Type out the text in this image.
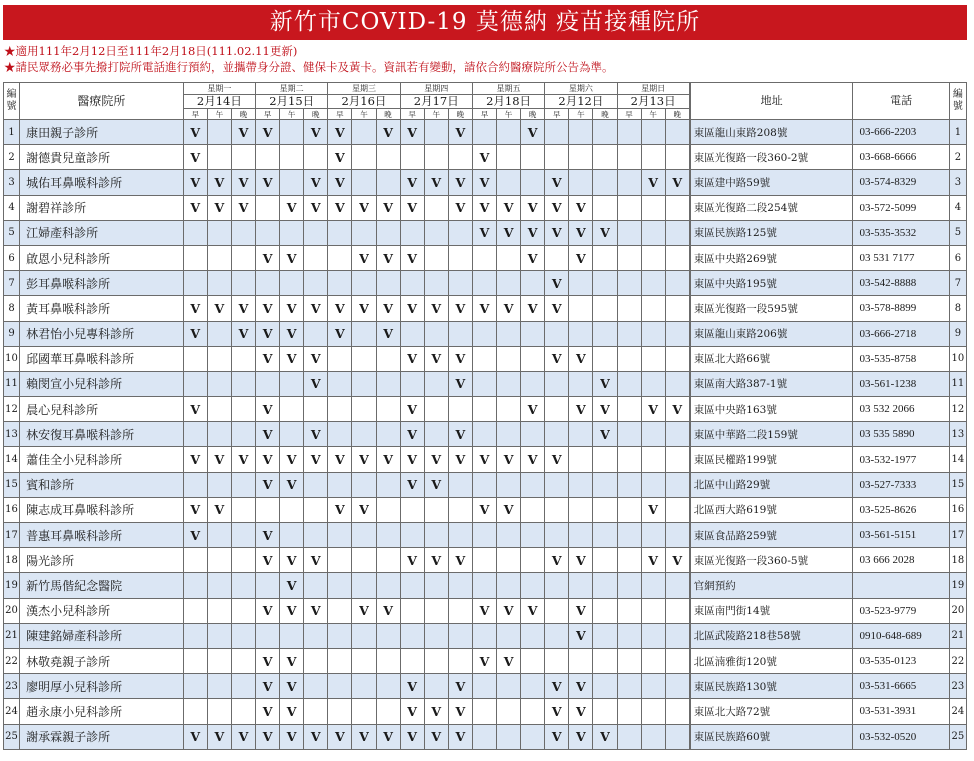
新竹市COVID-19 莫德納 疫苗接種院所
★適用111年2月12日至111年2月18日(111.02.11更新)
★請民眾務必事先撥打院所電話進行預約，並攜帶身分證、健保卡及黃卡。資訊若有變動，請依合約醫療院所公告為準。
編號	醫療院所	星期一			星期二			星期三			星期四			星期五			星期六			星期日			地址	電話	編號
		2月14日			2月15日			2月16日			2月17日			2月18日			2月12日			2月13日					
		早	午	晚	早	午	晚	早	午	晚	早	午	晚	早	午	晚	早	午	晚	早	午	晚			
1	康田親子診所	V		V	V		V	V		V	V		V			V								東區龍山東路208號	03-666-2203	1
2	謝德貴兒童診所	V						V						V										東區光復路一段360-2號	03-668-6666	2
3	城佑耳鼻喉科診所	V	V	V	V		V	V			V	V	V	V			V				V	V		東區建中路59號	03-574-8329	3
4	謝碧祥診所	V	V	V		V	V	V	V	V	V		V	V	V	V	V	V						東區光復路二段254號	03-572-5099	4
5	江婦產科診所													V	V	V	V	V	V					東區民族路125號	03-535-3532	5
6	啟恩小兒科診所				V	V			V	V	V					V		V						東區中央路269號	03 531 7177	6
7	彭耳鼻喉科診所																V							東區中央路195號	03-542-8888	7
8	黃耳鼻喉科診所	V	V	V	V	V	V	V	V	V	V	V	V	V	V	V	V							東區光復路一段595號	03-578-8899	8
9	林君怡小兒專科診所	V		V	V	V		V		V														東區龍山東路206號	03-666-2718	9
10	邱國華耳鼻喉科診所				V	V	V				V	V	V				V	V						東區北大路66號	03-535-8758	10
11	賴閔宣小兒科診所						V						V						V					東區南大路387-1號	03-561-1238	11
12	晨心兒科診所	V			V						V					V		V	V		V	V		東區中央路163號	03 532 2066	12
13	林安復耳鼻喉科診所				V		V				V		V						V					東區中華路二段159號	03 535 5890	13
14	蕭佳全小兒科診所	V	V	V	V	V	V	V	V	V	V	V	V	V	V	V	V							東區民權路199號	03-532-1977	14
15	賓和診所				V	V					V	V												北區中山路29號	03-527-7333	15
16	陳志成耳鼻喉科診所	V	V					V	V					V	V						V			北區西大路619號	03-525-8626	16
17	普惠耳鼻喉科診所	V			V																			東區食品路259號	03-561-5151	17
18	陽光診所				V	V	V				V	V	V				V	V			V	V		東區光復路一段360-5號	03 666 2028	18
19	新竹馬偕紀念醫院					V																		官網預約		19
20	漢杰小兒科診所				V	V	V		V	V				V	V	V		V						東區南門街14號	03-523-9779	20
21	陳建銘婦產科診所																	V						北區武陵路218巷58號	0910-648-689	21
22	林敬堯親子診所				V	V								V	V									北區湳雅街120號	03-535-0123	22
23	廖明厚小兒科診所				V	V					V		V				V	V						東區民族路130號	03-531-6665	23
24	趙永康小兒科診所				V	V					V	V	V				V	V						東區北大路72號	03-531-3931	24
25	謝承霖親子診所	V	V	V	V	V	V	V	V	V	V	V	V				V	V	V					東區民族路60號	03-532-0520	25
